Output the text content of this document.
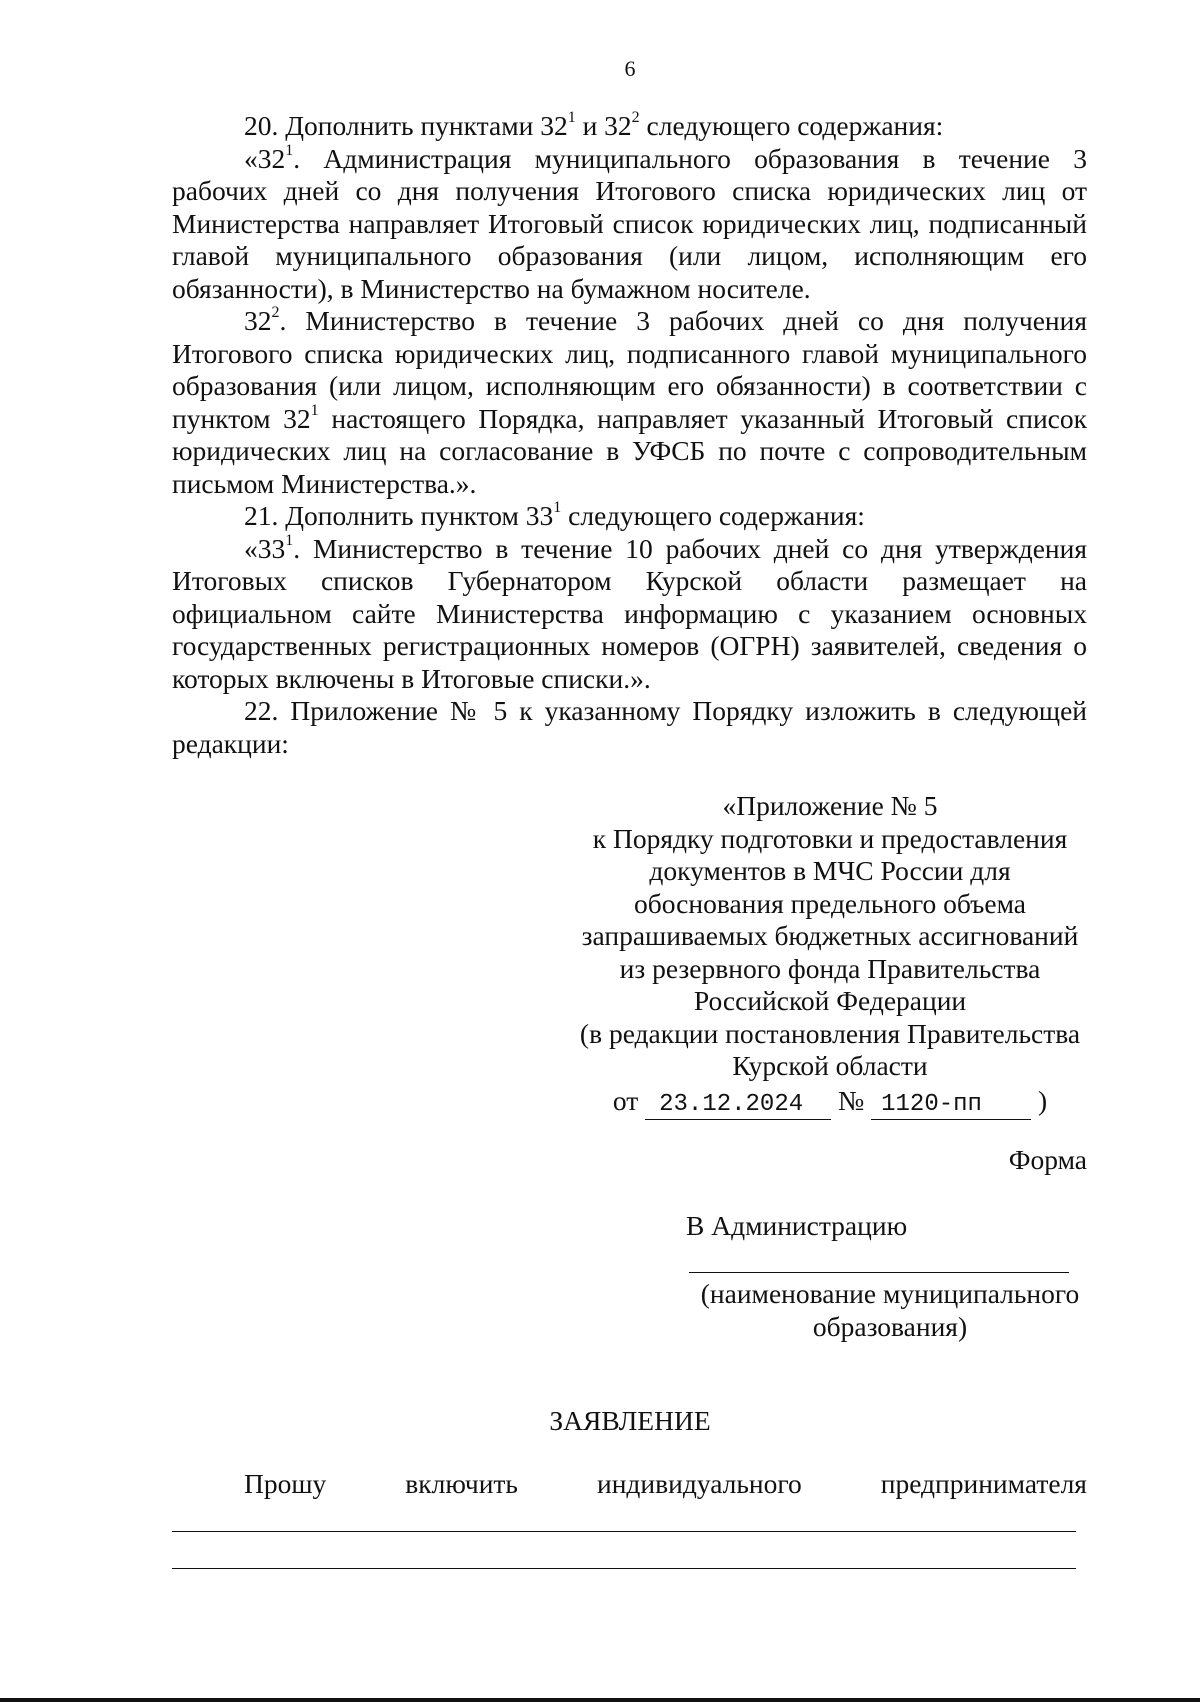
6

20. Дополнить пунктами $32^1$ и $32^2$ следующего содержания:

«$32^1$. Администрация муниципального образования в течение 3 рабочих дней со дня получения Итогового списка юридических лиц от Министерства направляет Итоговый список юридических лиц, подписанный главой муниципального образования (или лицом, исполняющим его обязанности), в Министерство на бумажном носителе.

$32^2$. Министерство в течение 3 рабочих дней со дня получения Итогового списка юридических лиц, подписанного главой муниципального образования (или лицом, исполняющим его обязанности) в соответствии с пунктом $32^1$ настоящего Порядка, направляет указанный Итоговый список юридических лиц на согласование в УФСБ по почте с сопроводительным письмом Министерства.».

21. Дополнить пунктом $33^1$ следующего содержания:

«$33^1$. Министерство в течение 10 рабочих дней со дня утверждения Итоговых списков Губернатором Курской области размещает на официальном сайте Министерства информацию с указанием основных государственных регистрационных номеров (ОГРН) заявителей, сведения о которых включены в Итоговые списки.».

22. Приложение № 5 к указанному Порядку изложить в следующей редакции:

«Приложение № 5
к Порядку подготовки и предоставления
документов в МЧС России для
обоснования предельного объема
запрашиваемых бюджетных ассигнований
из резервного фонда Правительства
Российской Федерации
(в редакции постановления Правительства
Курской области
от 23.12.2024 № 1120-пп )
Форма
В Администрацию
(наименование муниципального
образования)
ЗАЯВЛЕНИЕ
Прошу	включить	индивидуального	предпринимателя
